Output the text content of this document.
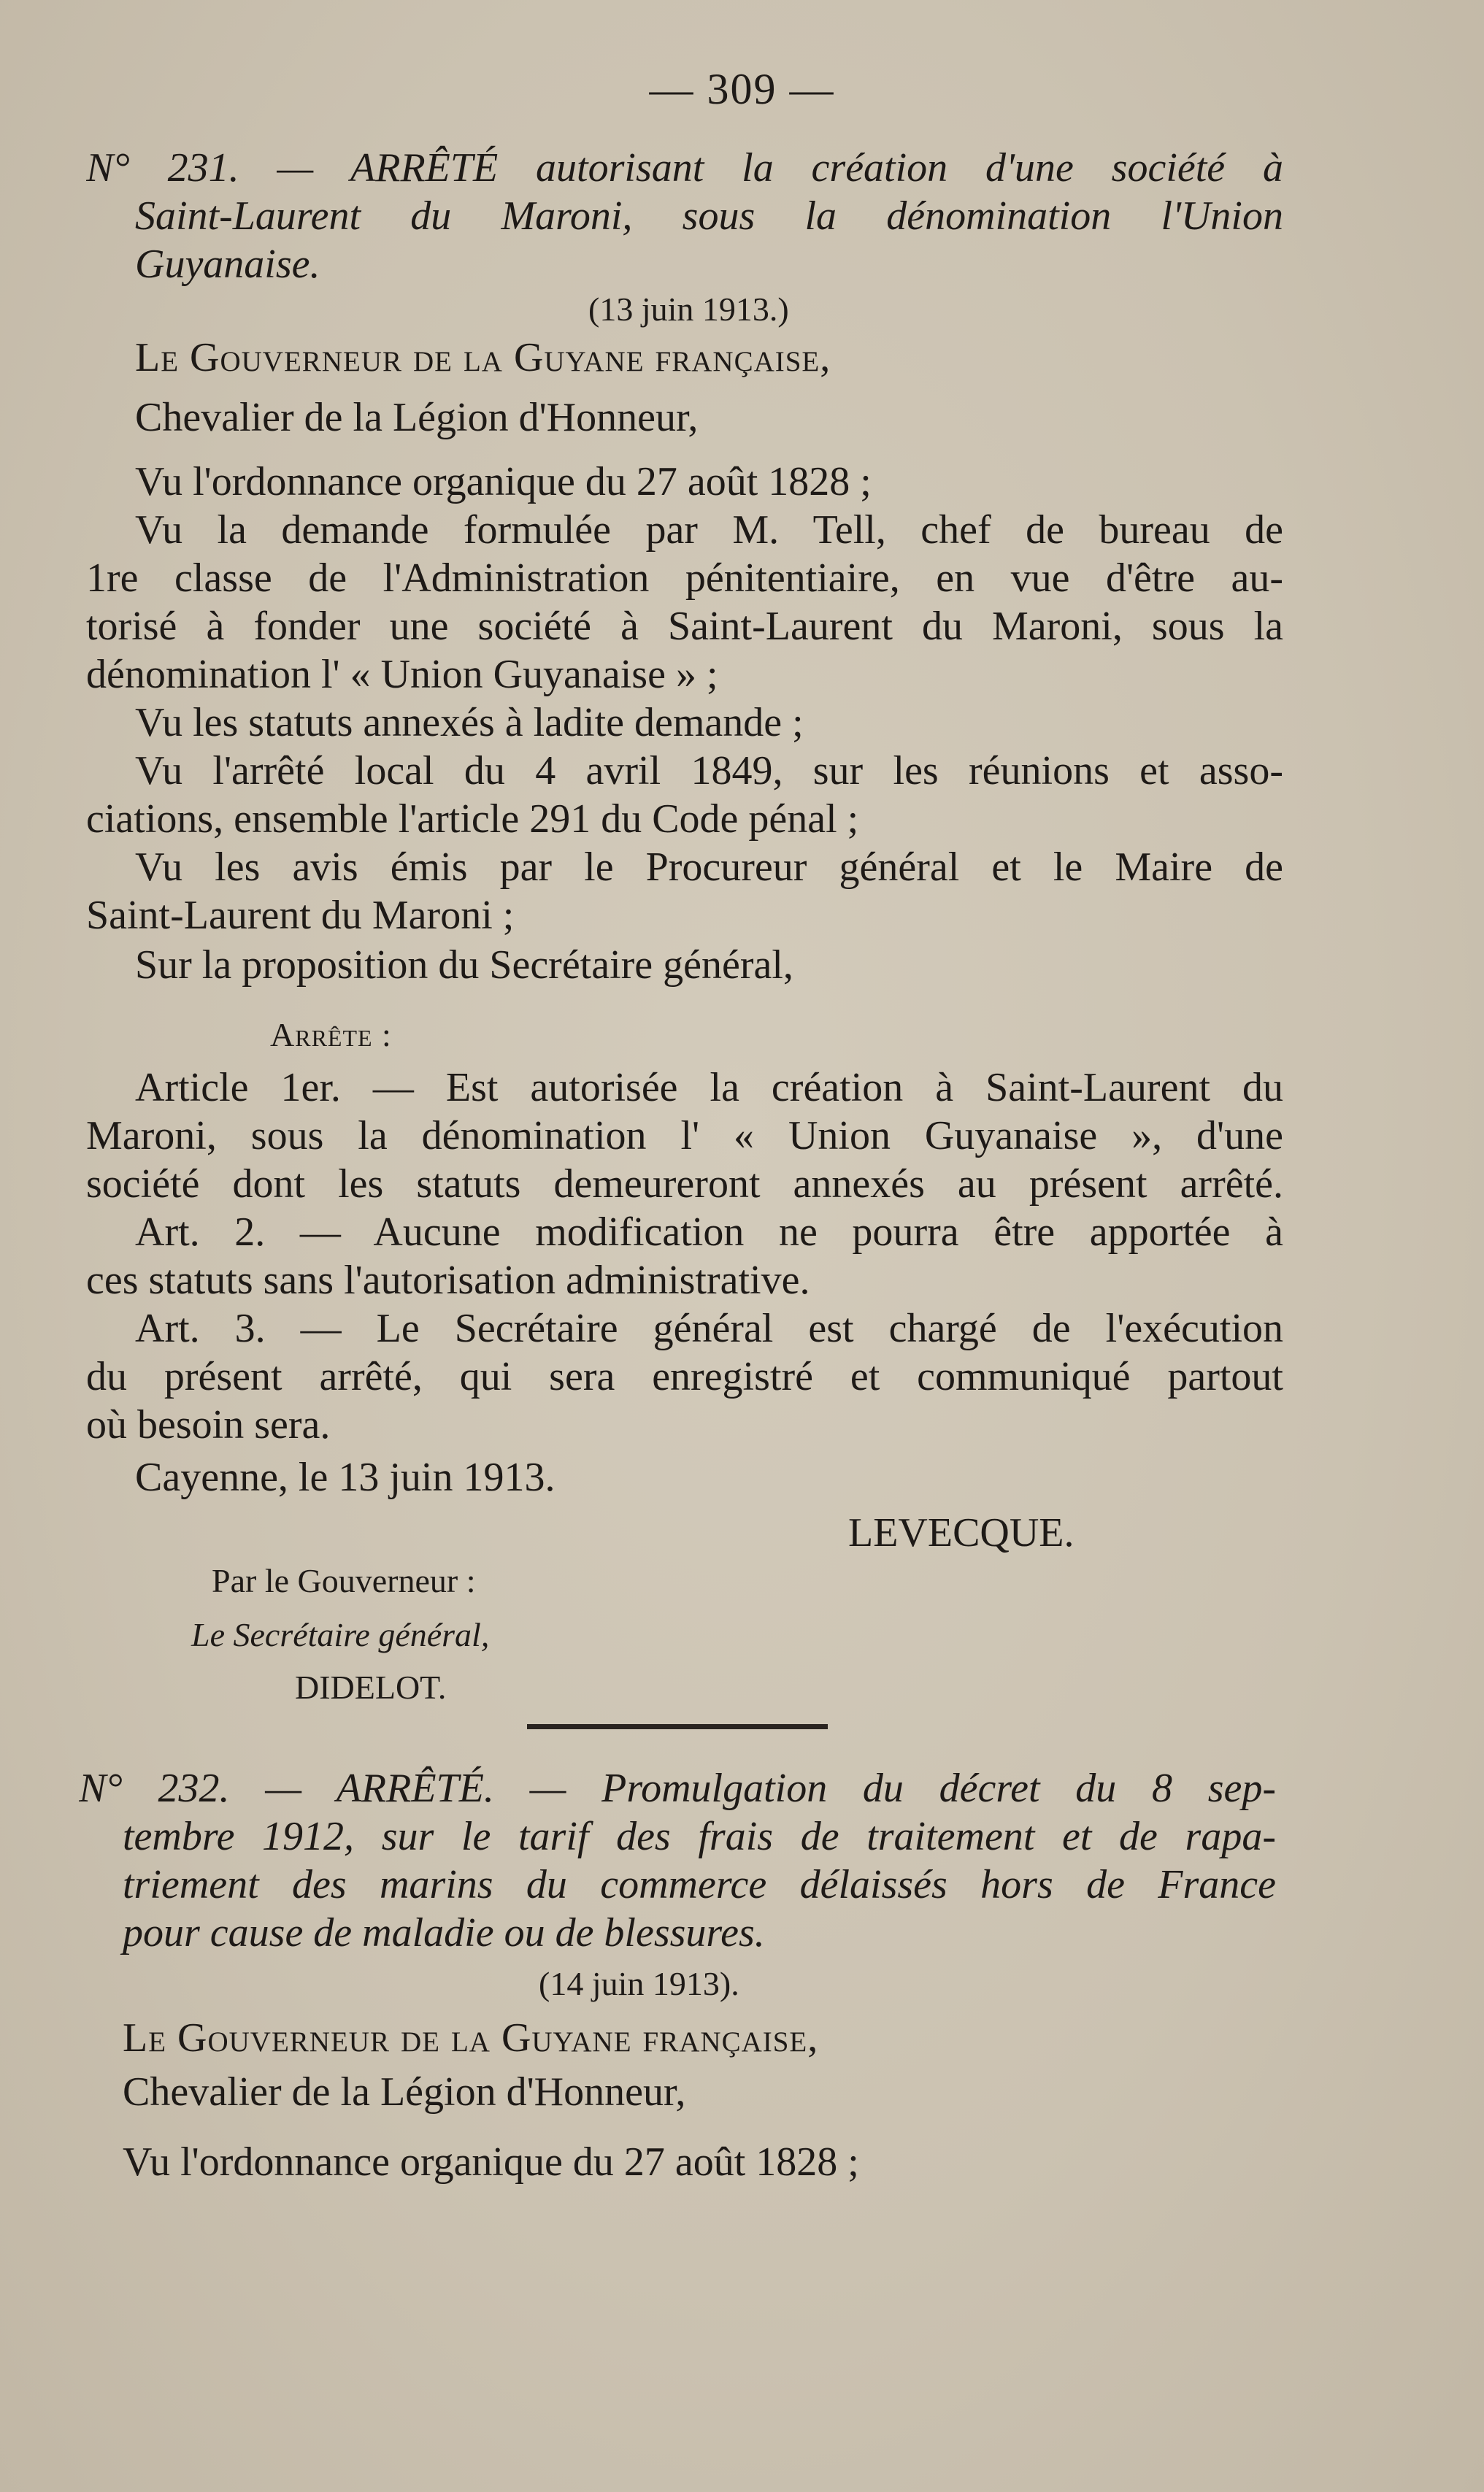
— 309 —
N° 231. — ARRÊTÉ autorisant la création d'une société à
Saint-Laurent du Maroni, sous la dénomination l'Union
Guyanaise.
(13 juin 1913.)
Le Gouverneur de la Guyane française,
Chevalier de la Légion d'Honneur,
Vu l'ordonnance organique du 27 août 1828 ;
Vu la demande formulée par M. Tell, chef de bureau de
1re classe de l'Administration pénitentiaire, en vue d'être au-
torisé à fonder une société à Saint-Laurent du Maroni, sous la
dénomination l' « Union Guyanaise » ;
Vu les statuts annexés à ladite demande ;
Vu l'arrêté local du 4 avril 1849, sur les réunions et asso-
ciations, ensemble l'article 291 du Code pénal ;
Vu les avis émis par le Procureur général et le Maire de
Saint-Laurent du Maroni ;
Sur la proposition du Secrétaire général,
Arrête :
Article 1er. — Est autorisée la création à Saint-Laurent du
Maroni, sous la dénomination l' « Union Guyanaise », d'une
société dont les statuts demeureront annexés au présent arrêté.
Art. 2. — Aucune modification ne pourra être apportée à
ces statuts sans l'autorisation administrative.
Art. 3. — Le Secrétaire général est chargé de l'exécution
du présent arrêté, qui sera enregistré et communiqué partout
où besoin sera.
Cayenne, le 13 juin 1913.
LEVECQUE.
Par le Gouverneur :
Le Secrétaire général,
DIDELOT.
N° 232. — ARRÊTÉ. — Promulgation du décret du 8 sep-
tembre 1912, sur le tarif des frais de traitement et de rapa-
triement des marins du commerce délaissés hors de France
pour cause de maladie ou de blessures.
(14 juin 1913).
Le Gouverneur de la Guyane française,
Chevalier de la Légion d'Honneur,
Vu l'ordonnance organique du 27 août 1828 ;
